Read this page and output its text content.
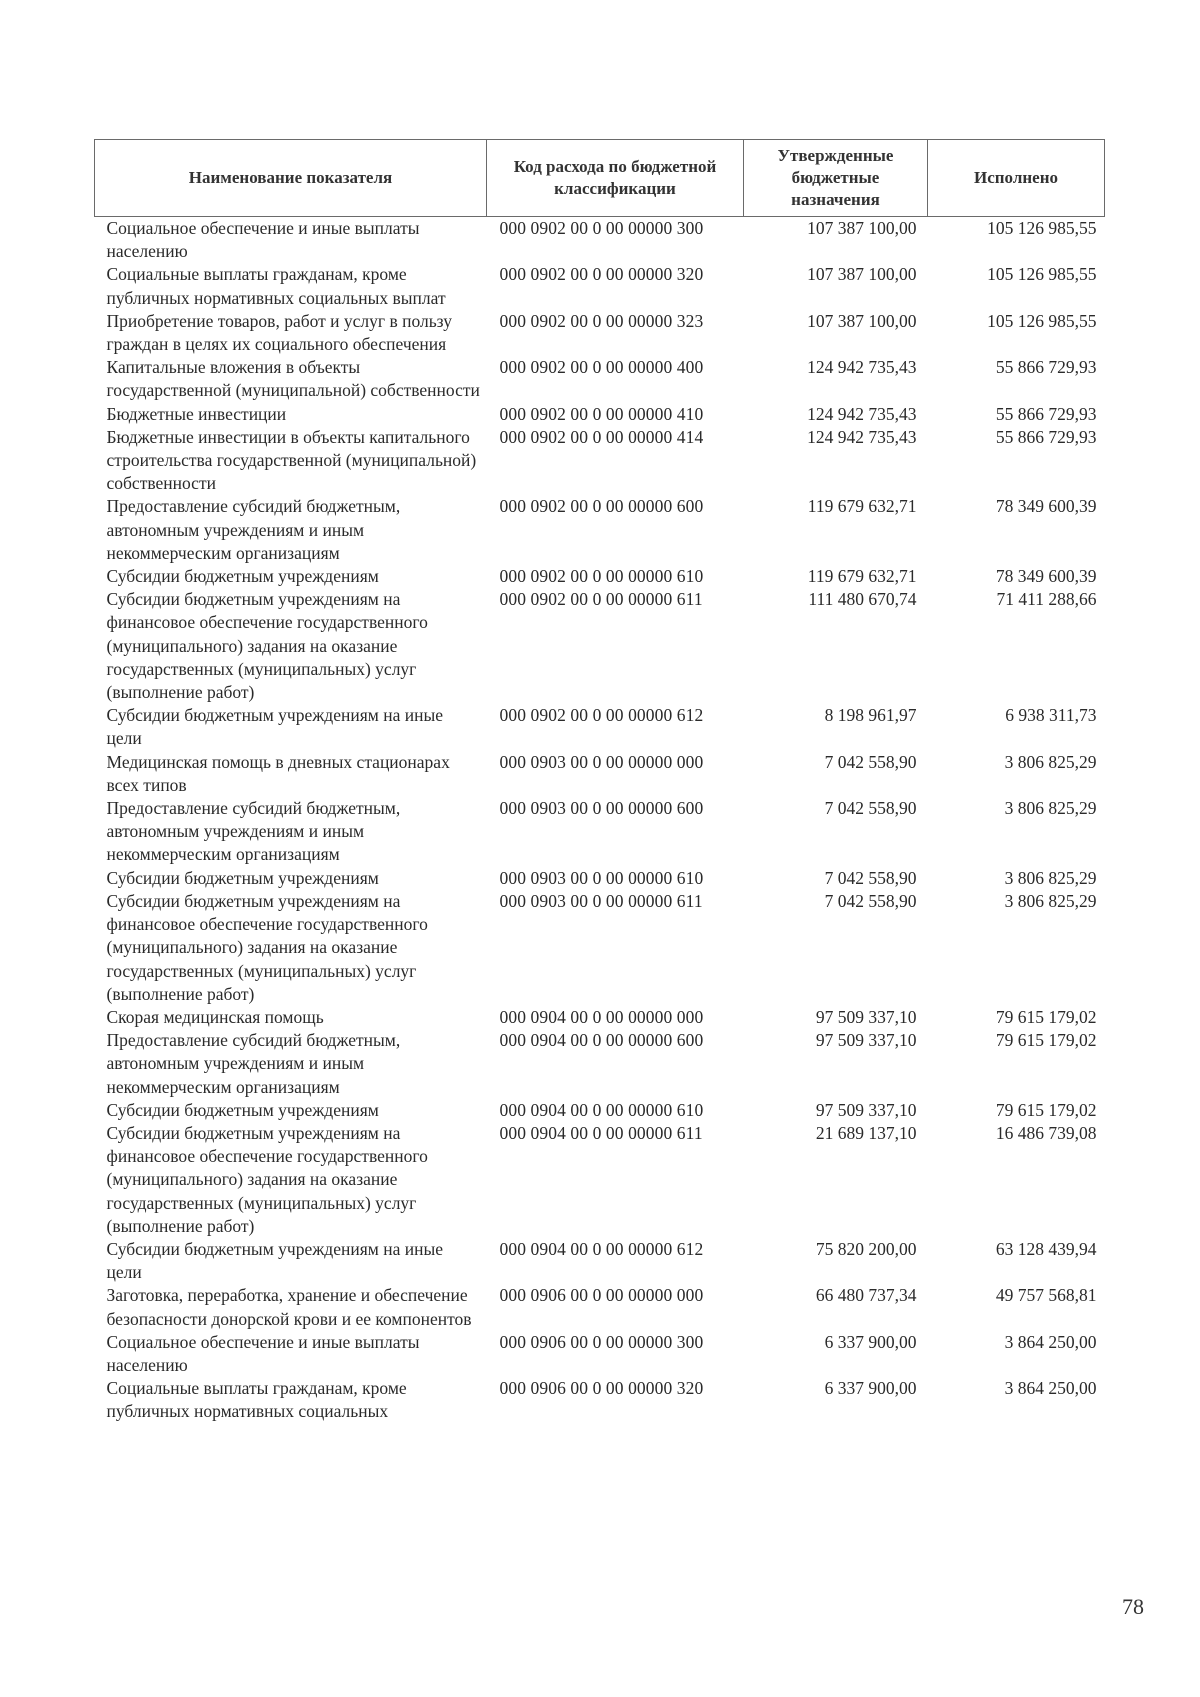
Наименование показателя	Код расхода по бюджетной классификации	Утвержденные бюджетные назначения	Исполнено
Социальное обеспечение и иные выплаты населению	000 0902 00 0 00 00000 300	107 387 100,00	105 126 985,55
Социальные выплаты гражданам, кроме публичных нормативных социальных выплат	000 0902 00 0 00 00000 320	107 387 100,00	105 126 985,55
Приобретение товаров, работ и услуг в пользу граждан в целях их социального обеспечения	000 0902 00 0 00 00000 323	107 387 100,00	105 126 985,55
Капитальные вложения в объекты государственной (муниципальной) собственности	000 0902 00 0 00 00000 400	124 942 735,43	55 866 729,93
Бюджетные инвестиции	000 0902 00 0 00 00000 410	124 942 735,43	55 866 729,93
Бюджетные инвестиции в объекты капитального строительства государственной (муниципальной) собственности	000 0902 00 0 00 00000 414	124 942 735,43	55 866 729,93
Предоставление субсидий бюджетным, автономным учреждениям и иным некоммерческим организациям	000 0902 00 0 00 00000 600	119 679 632,71	78 349 600,39
Субсидии бюджетным учреждениям	000 0902 00 0 00 00000 610	119 679 632,71	78 349 600,39
Субсидии бюджетным учреждениям на финансовое обеспечение государственного (муниципального) задания на оказание государственных (муниципальных) услуг (выполнение работ)	000 0902 00 0 00 00000 611	111 480 670,74	71 411 288,66
Субсидии бюджетным учреждениям на иные цели	000 0902 00 0 00 00000 612	8 198 961,97	6 938 311,73
Медицинская помощь в дневных стационарах всех типов	000 0903 00 0 00 00000 000	7 042 558,90	3 806 825,29
Предоставление субсидий бюджетным, автономным учреждениям и иным некоммерческим организациям	000 0903 00 0 00 00000 600	7 042 558,90	3 806 825,29
Субсидии бюджетным учреждениям	000 0903 00 0 00 00000 610	7 042 558,90	3 806 825,29
Субсидии бюджетным учреждениям на финансовое обеспечение государственного (муниципального) задания на оказание государственных (муниципальных) услуг (выполнение работ)	000 0903 00 0 00 00000 611	7 042 558,90	3 806 825,29
Скорая медицинская помощь	000 0904 00 0 00 00000 000	97 509 337,10	79 615 179,02
Предоставление субсидий бюджетным, автономным учреждениям и иным некоммерческим организациям	000 0904 00 0 00 00000 600	97 509 337,10	79 615 179,02
Субсидии бюджетным учреждениям	000 0904 00 0 00 00000 610	97 509 337,10	79 615 179,02
Субсидии бюджетным учреждениям на финансовое обеспечение государственного (муниципального) задания на оказание государственных (муниципальных) услуг (выполнение работ)	000 0904 00 0 00 00000 611	21 689 137,10	16 486 739,08
Субсидии бюджетным учреждениям на иные цели	000 0904 00 0 00 00000 612	75 820 200,00	63 128 439,94
Заготовка, переработка, хранение и обеспечение безопасности донорской крови и ее компонентов	000 0906 00 0 00 00000 000	66 480 737,34	49 757 568,81
Социальное обеспечение и иные выплаты населению	000 0906 00 0 00 00000 300	6 337 900,00	3 864 250,00
Социальные выплаты гражданам, кроме публичных нормативных социальных	000 0906 00 0 00 00000 320	6 337 900,00	3 864 250,00
78
